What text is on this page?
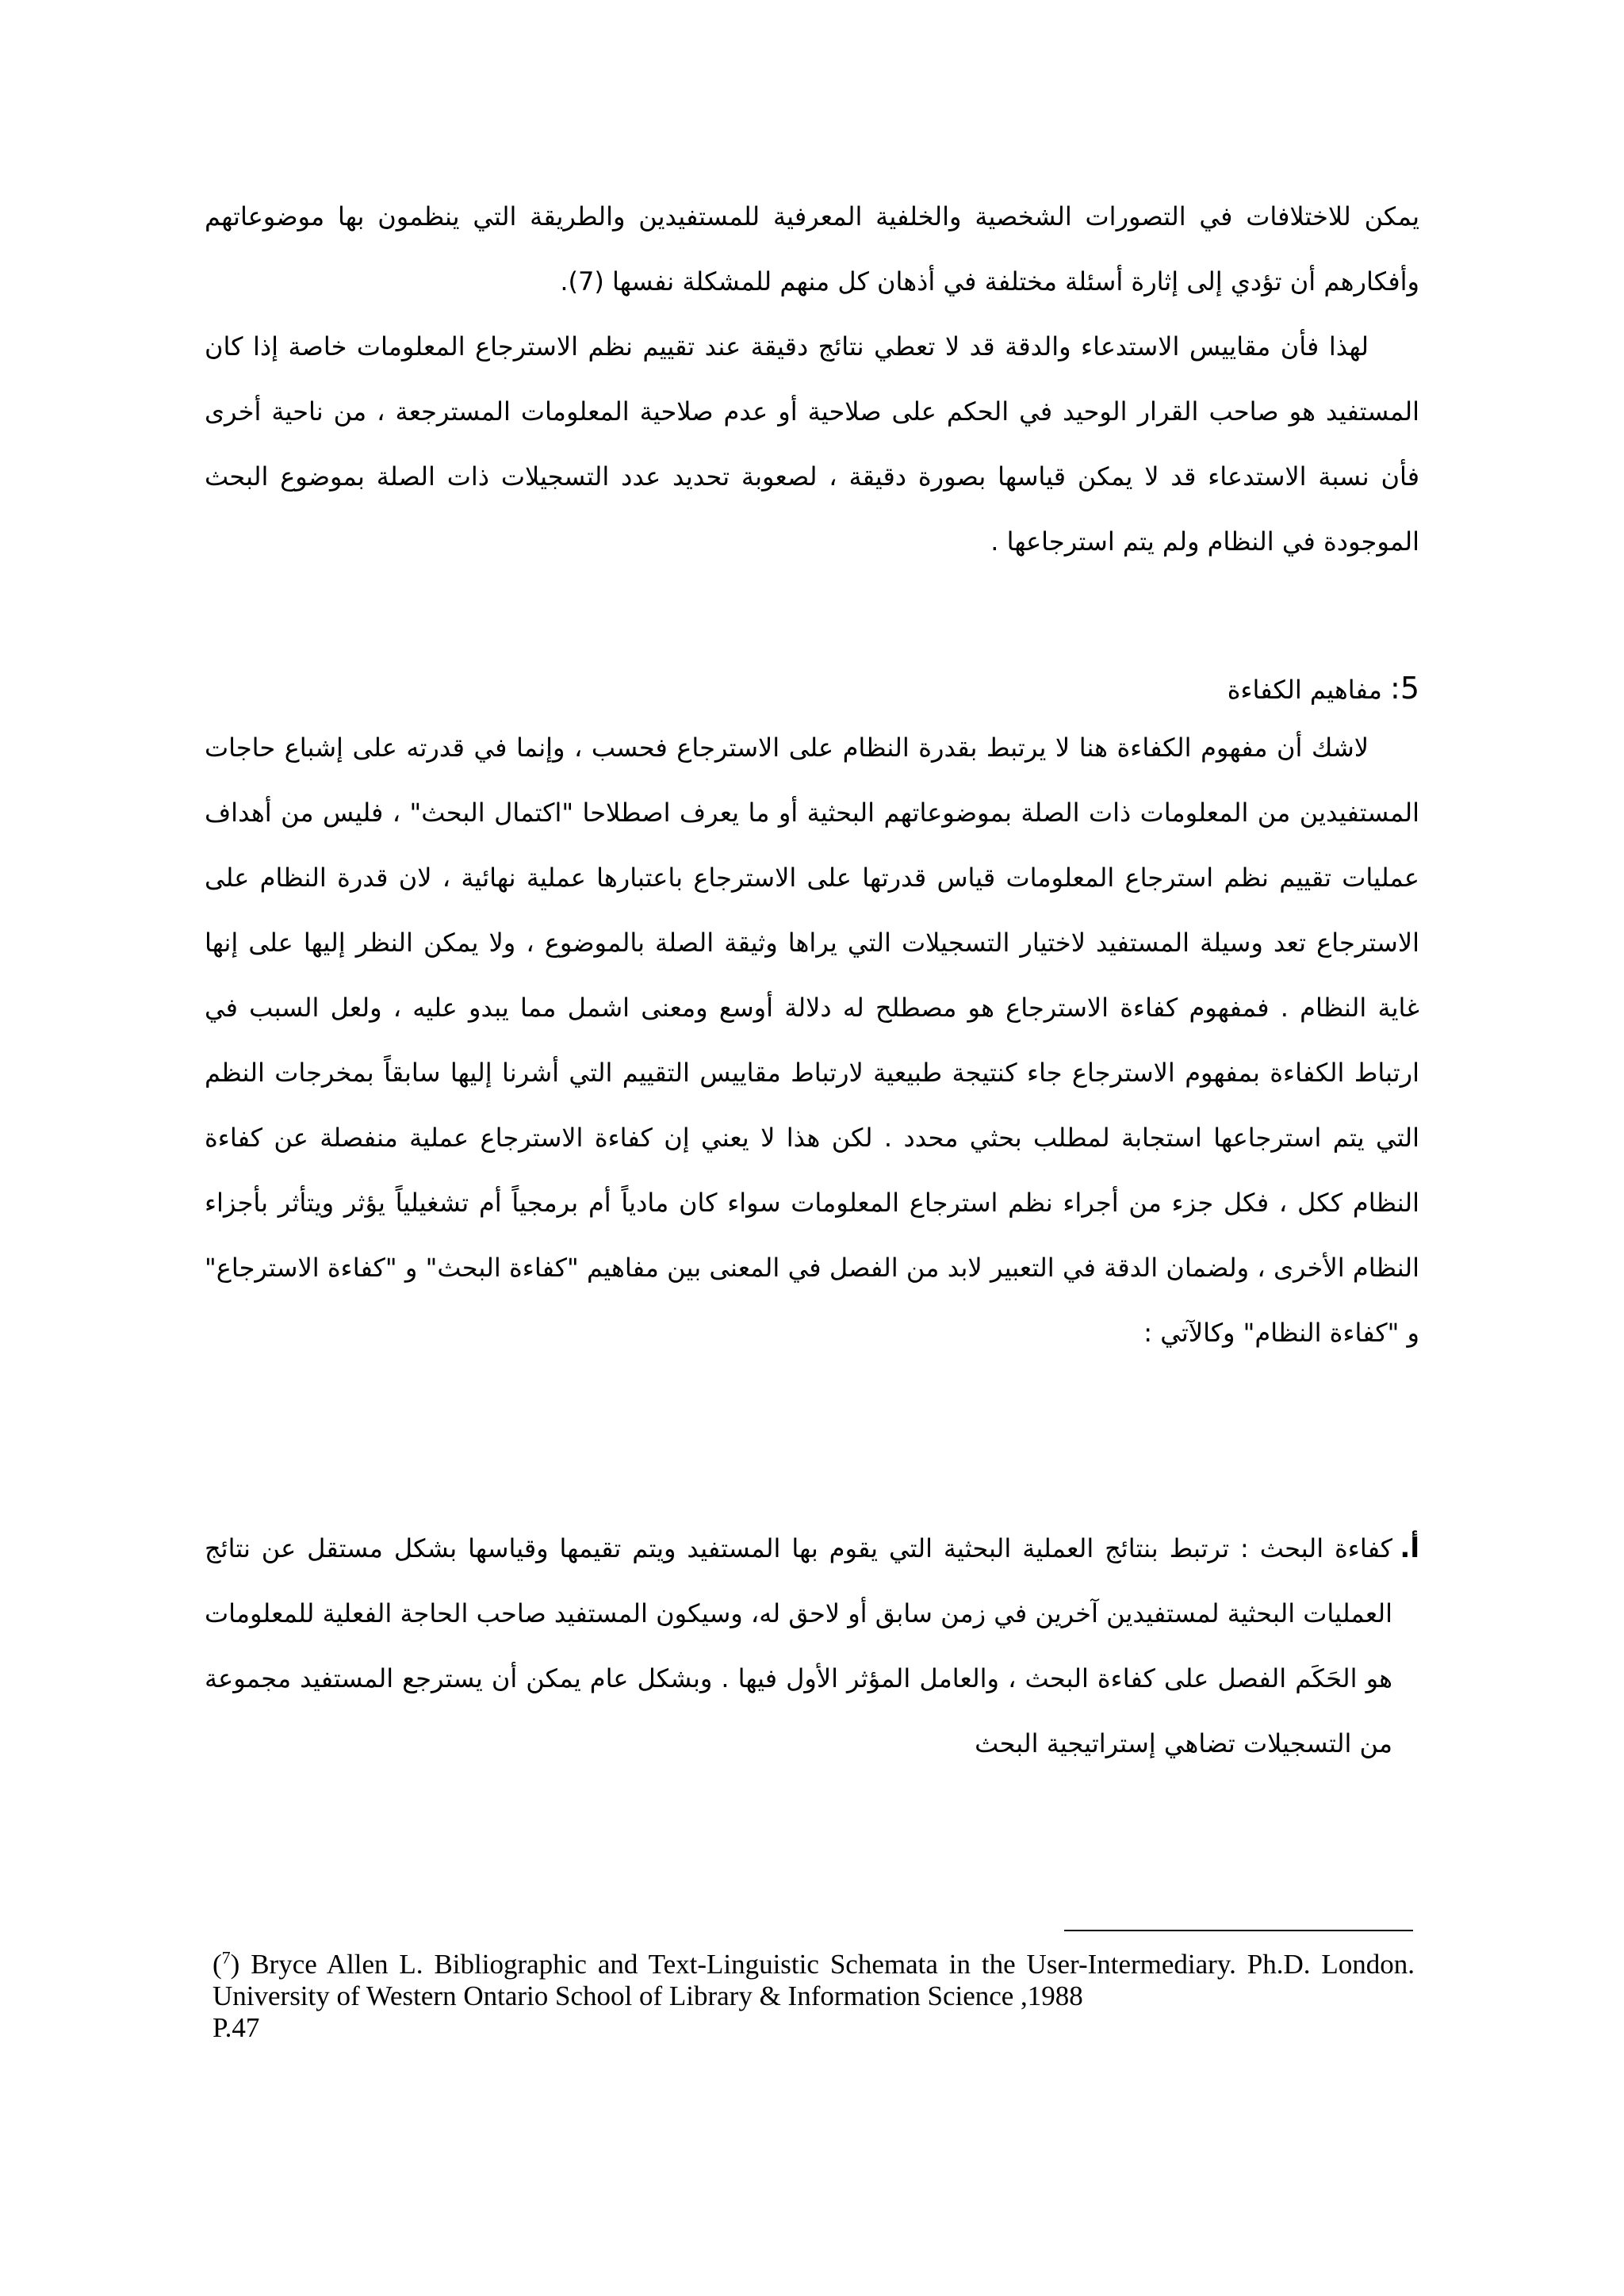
يمكن للاختلافات في التصورات الشخصية والخلفية المعرفية للمستفيدين والطريقة التي ينظمون بها موضوعاتهم وأفكارهم أن تؤدي إلى إثارة أسئلة مختلفة في أذهان كل منهم للمشكلة نفسها (7).

لهذا فأن مقاييس الاستدعاء والدقة قد لا تعطي نتائج دقيقة عند تقييم نظم الاسترجاع المعلومات خاصة إذا كان المستفيد هو صاحب القرار الوحيد في الحكم على صلاحية أو عدم صلاحية المعلومات المسترجعة ، من ناحية أخرى فأن نسبة الاستدعاء قد لا يمكن قياسها بصورة دقيقة ، لصعوبة تحديد عدد التسجيلات ذات الصلة بموضوع البحث الموجودة في النظام ولم يتم استرجاعها .

5: مفاهيم الكفاءة

لاشك أن مفهوم الكفاءة هنا لا يرتبط بقدرة النظام على الاسترجاع فحسب ، وإنما في قدرته على إشباع حاجات المستفيدين من المعلومات ذات الصلة بموضوعاتهم البحثية أو ما يعرف اصطلاحا "اكتمال البحث" ، فليس من أهداف عمليات تقييم نظم استرجاع المعلومات قياس قدرتها على الاسترجاع باعتبارها عملية نهائية ، لان قدرة النظام على الاسترجاع تعد وسيلة المستفيد لاختيار التسجيلات التي يراها وثيقة الصلة بالموضوع ، ولا يمكن النظر إليها على إنها غاية النظام . فمفهوم كفاءة الاسترجاع هو مصطلح له دلالة أوسع ومعنى اشمل مما يبدو عليه ، ولعل السبب في ارتباط الكفاءة بمفهوم الاسترجاع جاء كنتيجة طبيعية لارتباط مقاييس التقييم التي أشرنا إليها سابقاً بمخرجات النظم التي يتم استرجاعها استجابة لمطلب بحثي محدد . لكن هذا لا يعني إن كفاءة الاسترجاع عملية منفصلة عن كفاءة النظام ككل ، فكل جزء من أجراء نظم استرجاع المعلومات سواء كان مادياً أم برمجياً أم تشغيلياً يؤثر ويتأثر بأجزاء النظام الأخرى ، ولضمان الدقة في التعبير لابد من الفصل في المعنى بين مفاهيم "كفاءة البحث" و "كفاءة الاسترجاع" و "كفاءة النظام" وكالآتي :

أ.
كفاءة البحث : ترتبط بنتائج العملية البحثية التي يقوم بها المستفيد ويتم تقيمها وقياسها بشكل مستقل عن نتائج العمليات البحثية لمستفيدين آخرين في زمن سابق أو لاحق له، وسيكون المستفيد صاحب الحاجة الفعلية للمعلومات هو الحَكَم الفصل على كفاءة البحث ، والعامل المؤثر الأول فيها . وبشكل عام يمكن أن يسترجع المستفيد مجموعة من التسجيلات تضاهي إستراتيجية البحث

($^7$) Bryce Allen L. Bibliographic and Text-Linguistic Schemata in the User-Intermediary. Ph.D. London. University of Western Ontario School of Library & Information Science ,1988
P.47
